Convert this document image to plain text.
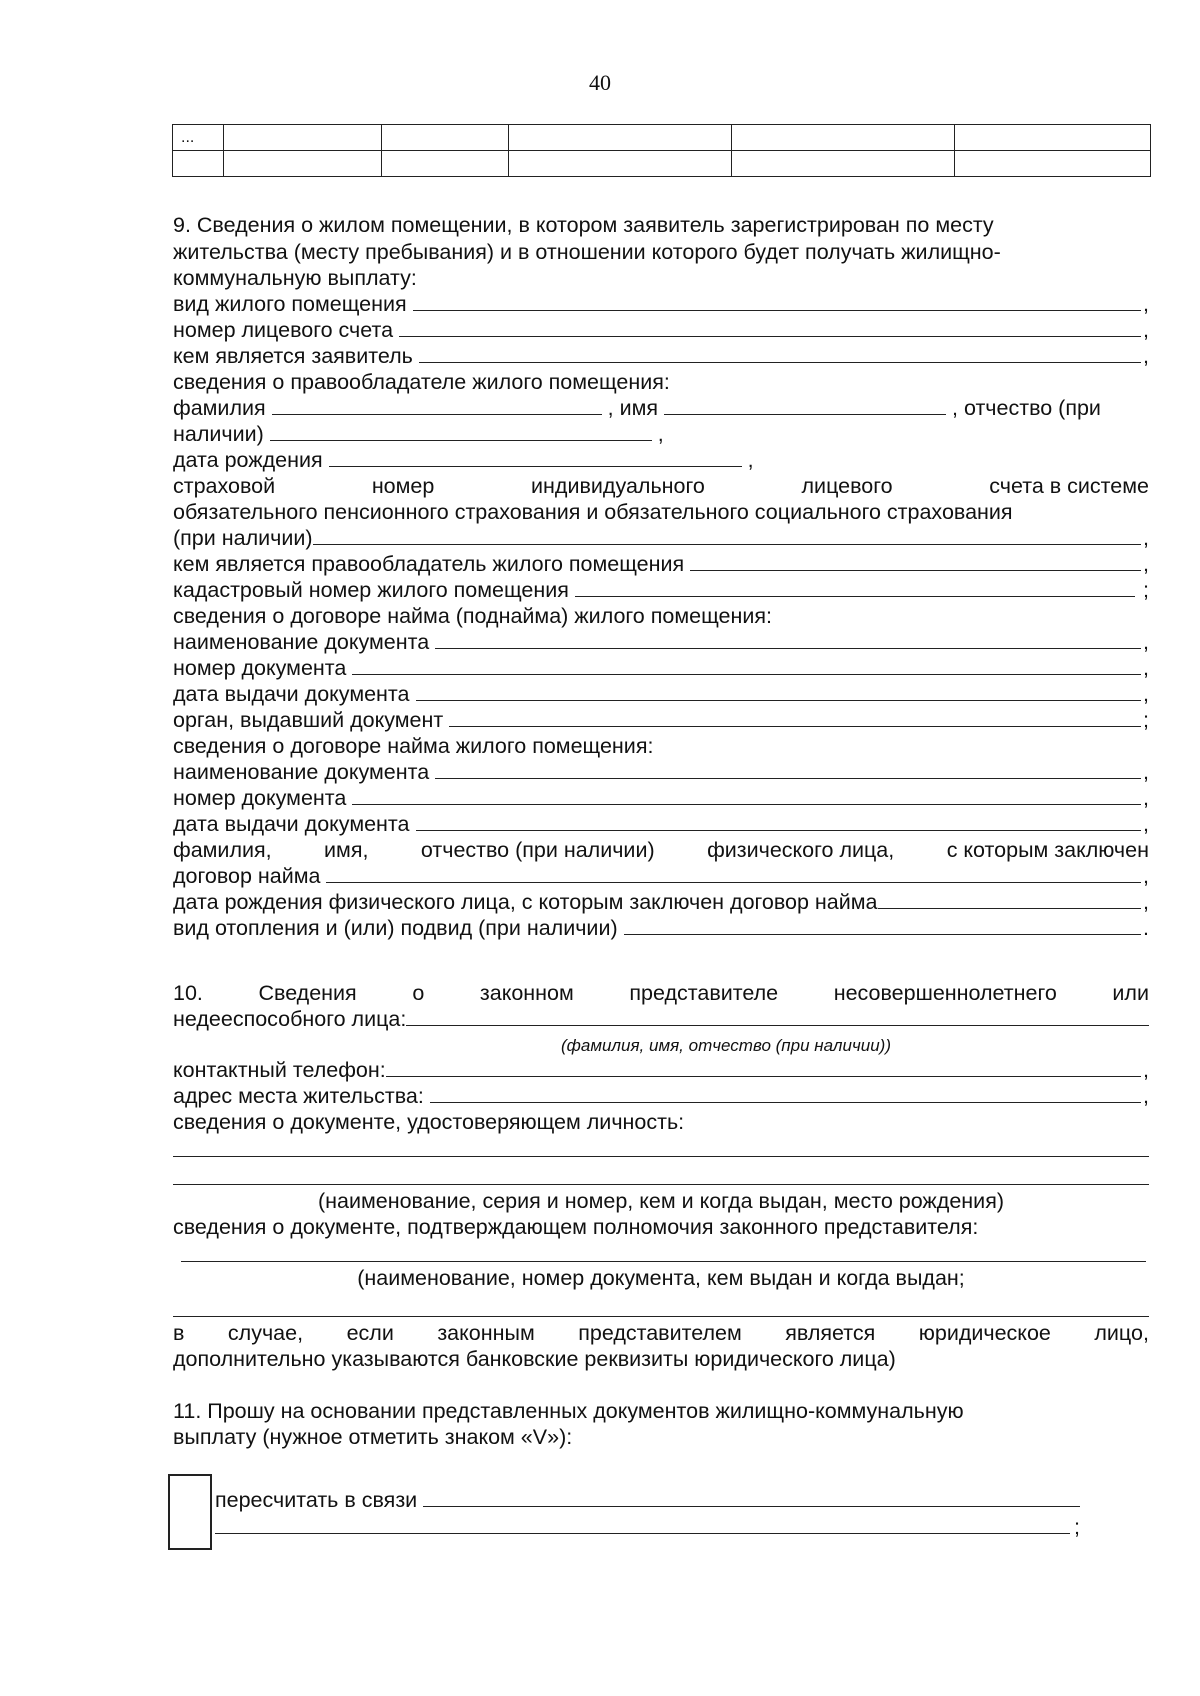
40
...					

9. Сведения о жилом помещении, в котором заявитель зарегистрирован по месту
жительства (месту пребывания) и в отношении которого будет получать жилищно-
коммунальную выплату:
вид жилого помещения	,
номер лицевого счета	,
кем является заявитель	,
сведения о правообладателе жилого помещения:
фамилия	, имя	, отчество (при
наличии)	,
дата рождения	,
страховой	номер	индивидуального	лицевого	счета в системе
обязательного пенсионного страхования и обязательного социального страхования
(при наличии)	,
кем является правообладатель жилого помещения	,
кадастровый номер жилого помещения	;
сведения о договоре найма (поднайма) жилого помещения:
наименование документа	,
номер документа	,
дата выдачи документа	,
орган, выдавший документ	;
сведения о договоре найма жилого помещения:
наименование документа	,
номер документа	,
дата выдачи документа	,
фамилия, имя, отчество (при наличии) физического лица, с которым заключен
договор найма	,
дата рождения физического лица, с которым заключен договор найма	,
вид отопления и (или) подвид (при наличии)	.
10.	Сведения	о	законном	представителе	несовершеннолетнего	или
недееспособного лица:
(фамилия, имя, отчество (при наличии))
контактный телефон:	,
адрес места жительства:	,
сведения о документе, удостоверяющем личность:
(наименование, серия и номер, кем и когда выдан, место рождения)
сведения о документе, подтверждающем полномочия законного представителя:
(наименование, номер документа, кем выдан и когда выдан;
в случае, если законным представителем является юридическое лицо,
дополнительно указываются банковские реквизиты юридического лица)
11. Прошу на основании представленных документов жилищно-коммунальную
выплату (нужное отметить знаком «V»):
пересчитать в связи
;
